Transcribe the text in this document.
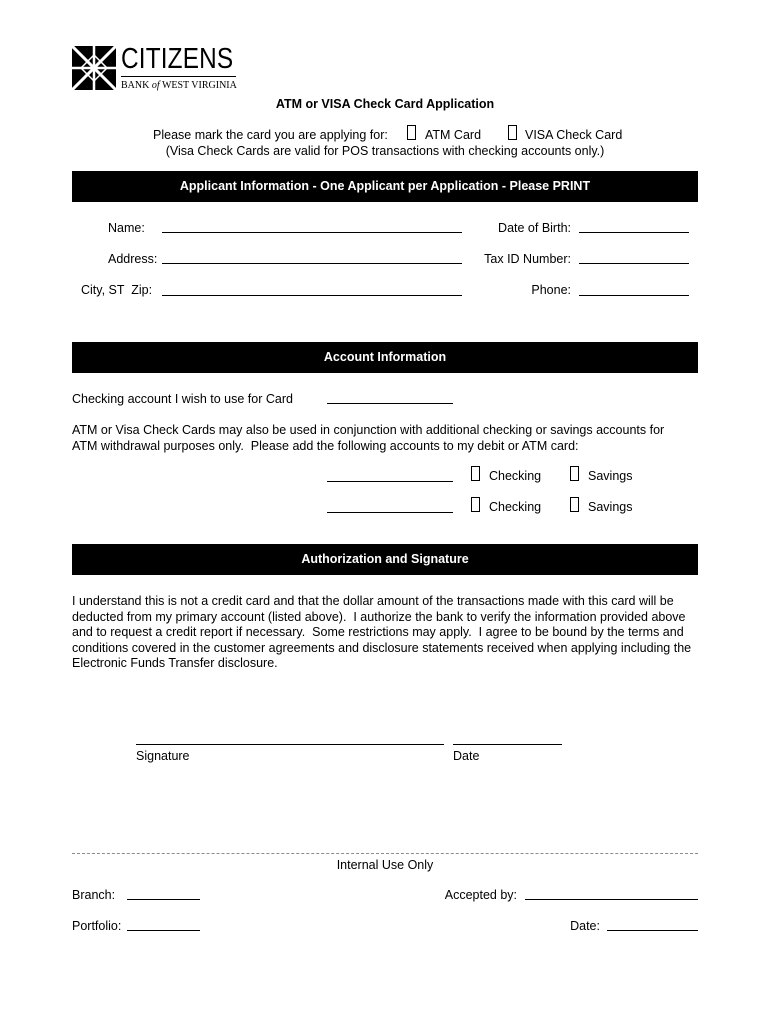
CITIZENS
BANK of WEST VIRGINIA
ATM or VISA Check Card Application
Please mark the card you are applying for:	ATM Card	VISA Check Card
(Visa Check Cards are valid for POS transactions with checking accounts only.)
Applicant Information - One Applicant per Application - Please PRINT
Name:	Date of Birth:
Address:	Tax ID Number:
City, ST  Zip:	Phone:
Account Information
Checking account I wish to use for Card
ATM or Visa Check Cards may also be used in conjunction with additional checking or savings accounts for
ATM withdrawal purposes only.  Please add the following accounts to my debit or ATM card:
Checking	Savings
Checking	Savings
Authorization and Signature
I understand this is not a credit card and that the dollar amount of the transactions made with this card will be
deducted from my primary account (listed above).  I authorize the bank to verify the information provided above
and to request a credit report if necessary.  Some restrictions may apply.  I agree to be bound by the terms and
conditions covered in the customer agreements and disclosure statements received when applying including the
Electronic Funds Transfer disclosure.
Signature	Date
Internal Use Only
Branch:	Accepted by:
Portfolio:	Date:
